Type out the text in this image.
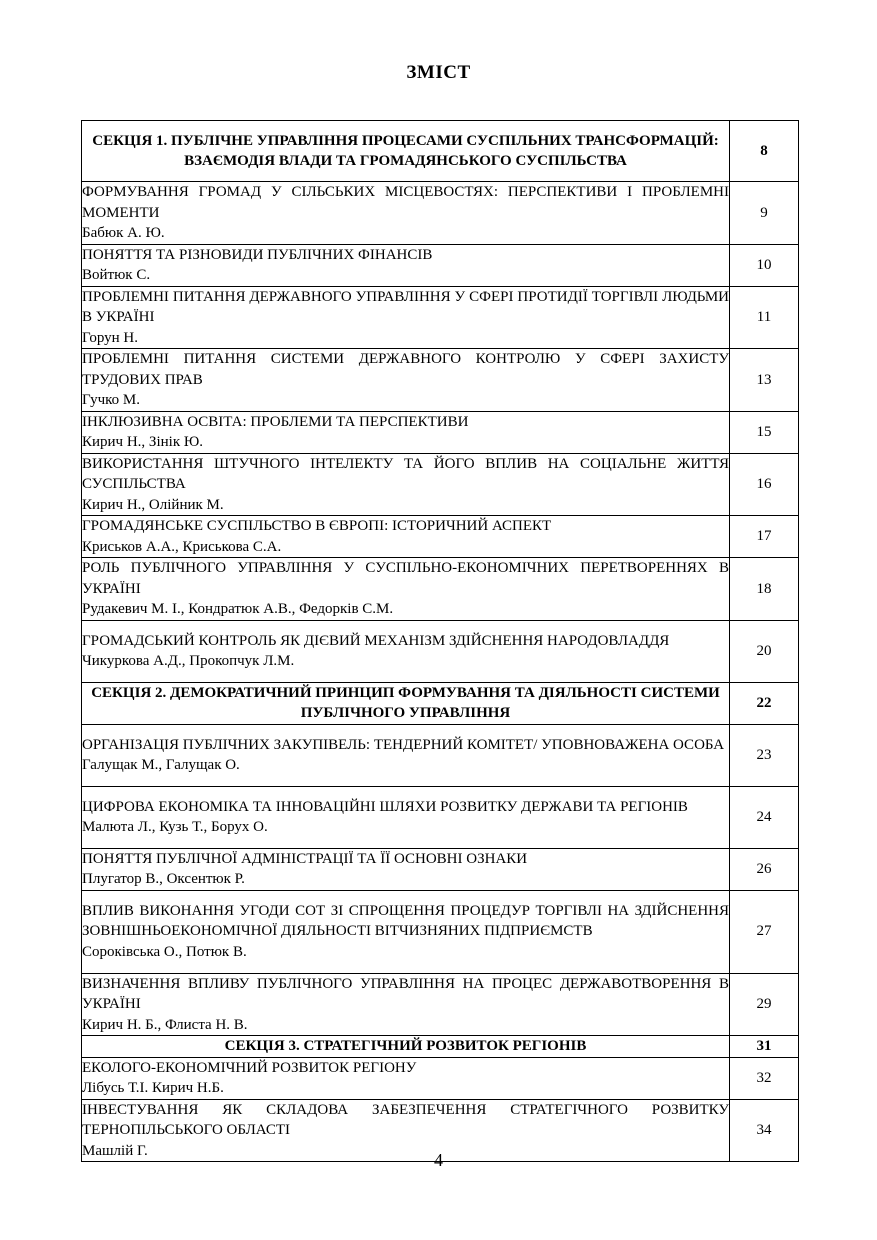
ЗМІСТ
СЕКЦІЯ 1. ПУБЛІЧНЕ УПРАВЛІННЯ ПРОЦЕСАМИ СУСПІЛЬНИХ ТРАНСФОРМАЦІЙ: ВЗАЄМОДІЯ ВЛАДИ ТА ГРОМАДЯНСЬКОГО СУСПІЛЬСТВА	8

ФОРМУВАННЯ ГРОМАД У СІЛЬСЬКИХ МІСЦЕВОСТЯХ: ПЕРСПЕКТИВИ І ПРОБЛЕМНІ МОМЕНТИ
Бабюк А. Ю.	9

ПОНЯТТЯ ТА РІЗНОВИДИ ПУБЛІЧНИХ ФІНАНСІВ
Войтюк С.	10

ПРОБЛЕМНІ ПИТАННЯ ДЕРЖАВНОГО УПРАВЛІННЯ У СФЕРІ ПРОТИДІЇ ТОРГІВЛІ ЛЮДЬМИ В УКРАЇНІ
Горун Н.	11

ПРОБЛЕМНІ ПИТАННЯ СИСТЕМИ ДЕРЖАВНОГО КОНТРОЛЮ У СФЕРІ ЗАХИСТУ ТРУДОВИХ ПРАВ
Гучко М.	13

ІНКЛЮЗИВНА ОСВІТА: ПРОБЛЕМИ ТА ПЕРСПЕКТИВИ
Кирич Н., Зінік Ю.	15

ВИКОРИСТАННЯ ШТУЧНОГО ІНТЕЛЕКТУ ТА ЙОГО ВПЛИВ НА СОЦІАЛЬНЕ ЖИТТЯ СУСПІЛЬСТВА
Кирич Н., Олійник М.	16

ГРОМАДЯНСЬКЕ СУСПІЛЬСТВО В ЄВРОПІ: ІСТОРИЧНИЙ АСПЕКТ
Криськов А.А., Криськова С.А.	17

РОЛЬ ПУБЛІЧНОГО УПРАВЛІННЯ У СУСПІЛЬНО-ЕКОНОМІЧНИХ ПЕРЕТВОРЕННЯХ В УКРАЇНІ
Рудакевич М. І., Кондратюк А.В., Федорків С.М.	18

ГРОМАДСЬКИЙ КОНТРОЛЬ ЯК ДІЄВИЙ МЕХАНІЗМ ЗДІЙСНЕННЯ НАРОДОВЛАДДЯ
Чикуркова А.Д., Прокопчук Л.М.	20
СЕКЦІЯ 2. ДЕМОКРАТИЧНИЙ ПРИНЦИП ФОРМУВАННЯ ТА ДІЯЛЬНОСТІ СИСТЕМИ ПУБЛІЧНОГО УПРАВЛІННЯ	22

ОРГАНІЗАЦІЯ ПУБЛІЧНИХ ЗАКУПІВЕЛЬ: ТЕНДЕРНИЙ КОМІТЕТ/ УПОВНОВАЖЕНА ОСОБА
Галущак М., Галущак О.	23

ЦИФРОВА ЕКОНОМІКА ТА ІННОВАЦІЙНІ ШЛЯХИ РОЗВИТКУ ДЕРЖАВИ ТА РЕГІОНІВ
Малюта Л., Кузь Т., Борух О.	24

ПОНЯТТЯ ПУБЛІЧНОЇ АДМІНІСТРАЦІЇ ТА ЇЇ ОСНОВНІ ОЗНАКИ
Плугатор В., Оксентюк Р.	26

ВПЛИВ ВИКОНАННЯ УГОДИ СОТ ЗІ СПРОЩЕННЯ ПРОЦЕДУР ТОРГІВЛІ НА ЗДІЙСНЕННЯ ЗОВНІШНЬОЕКОНОМІЧНОЇ ДІЯЛЬНОСТІ ВІТЧИЗНЯНИХ ПІДПРИЄМСТВ
Сороківська О., Потюк В.	27

ВИЗНАЧЕННЯ ВПЛИВУ ПУБЛІЧНОГО УПРАВЛІННЯ НА ПРОЦЕС ДЕРЖАВОТВОРЕННЯ В УКРАЇНІ
Кирич Н. Б., Флиста Н. В.	29
СЕКЦІЯ 3. СТРАТЕГІЧНИЙ РОЗВИТОК РЕГІОНІВ	31

ЕКОЛОГО-ЕКОНОМІЧНИЙ РОЗВИТОК РЕГІОНУ
Лібусь Т.І. Кирич Н.Б.	32

ІНВЕСТУВАННЯ ЯК СКЛАДОВА ЗАБЕЗПЕЧЕННЯ СТРАТЕГІЧНОГО РОЗВИТКУ ТЕРНОПІЛЬСЬКОГО ОБЛАСТІ
Машлій Г.	34
4
